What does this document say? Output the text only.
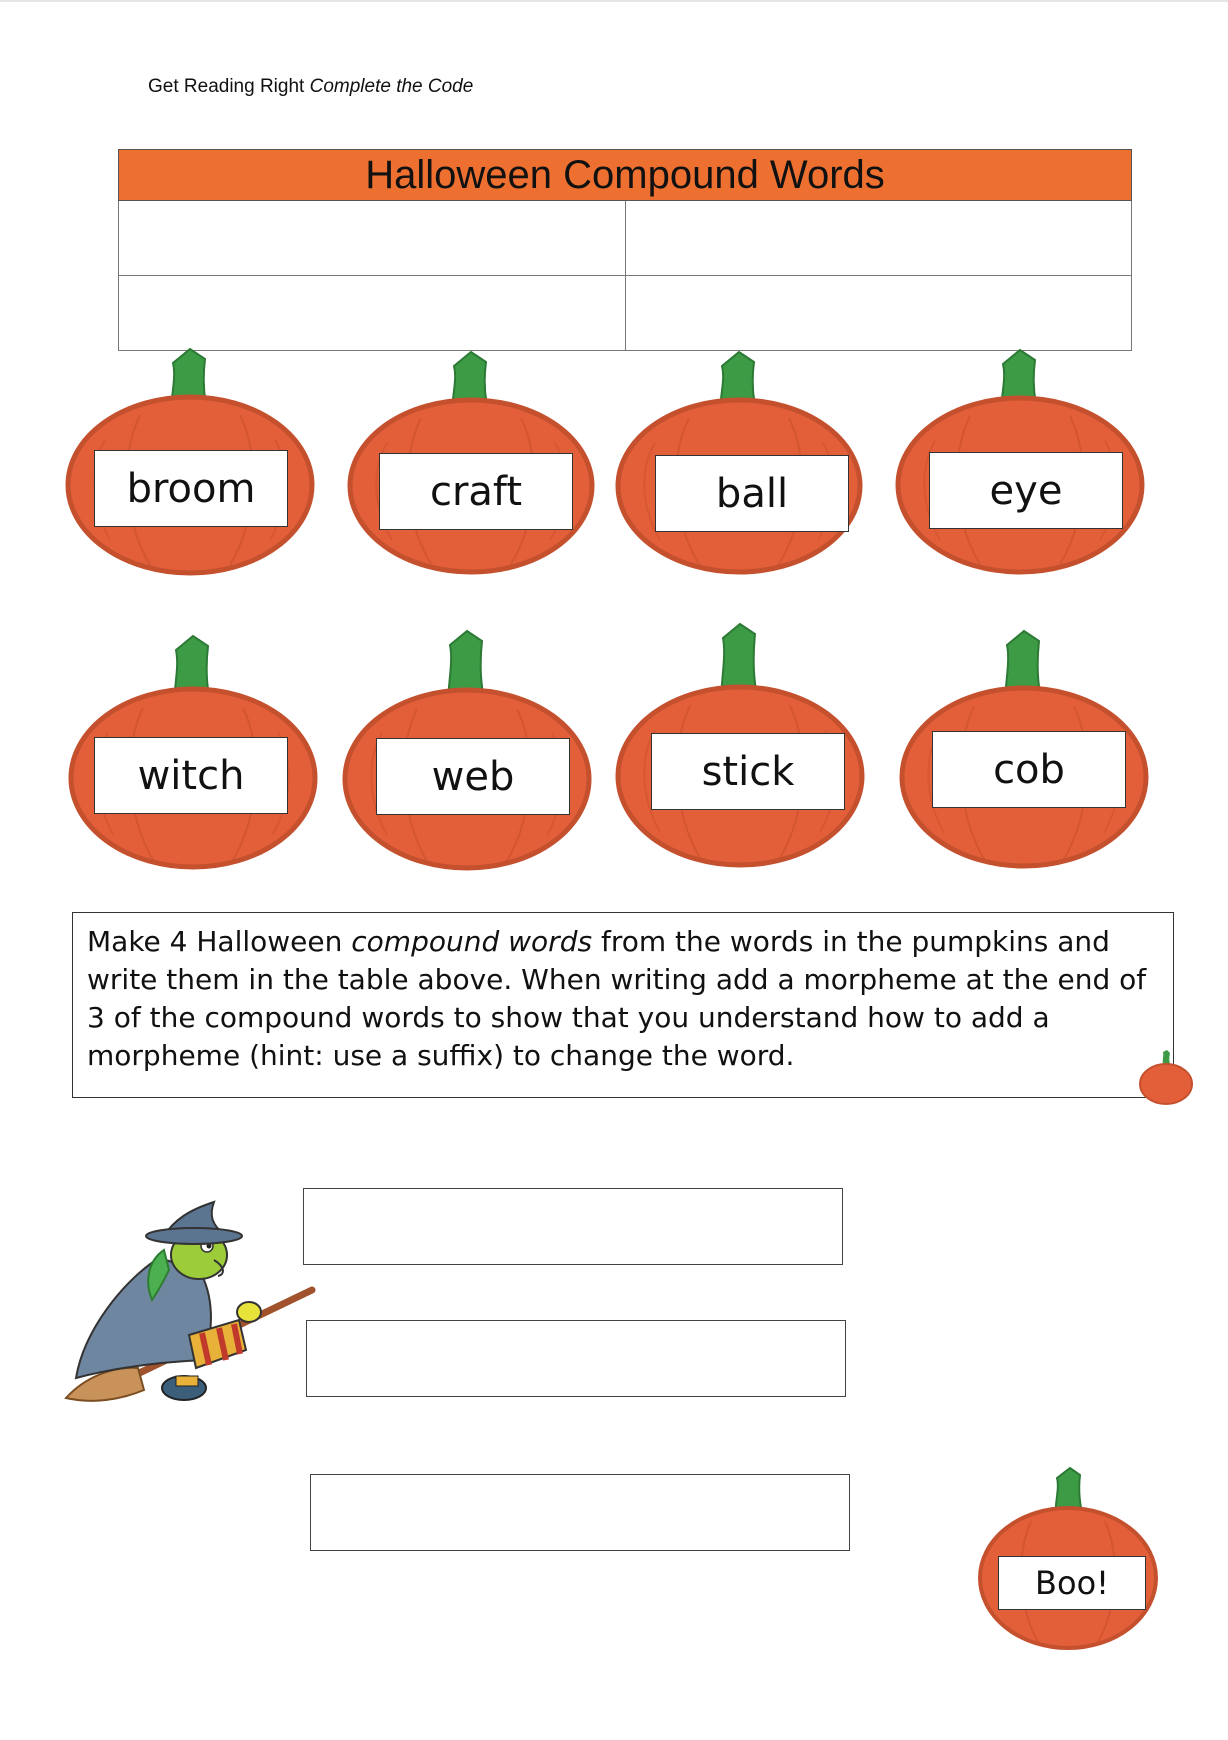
Get Reading Right Complete the Code
Halloween Compound Words	

broom	craft	ball	eye
witch	web	stick	cob
Make 4 Halloween compound words from the words in the pumpkins and write them in the table above. When writing add a morpheme at the end of 3 of the compound words to show that you understand how to add a morpheme (hint: use a suffix) to change the word.
Boo!
